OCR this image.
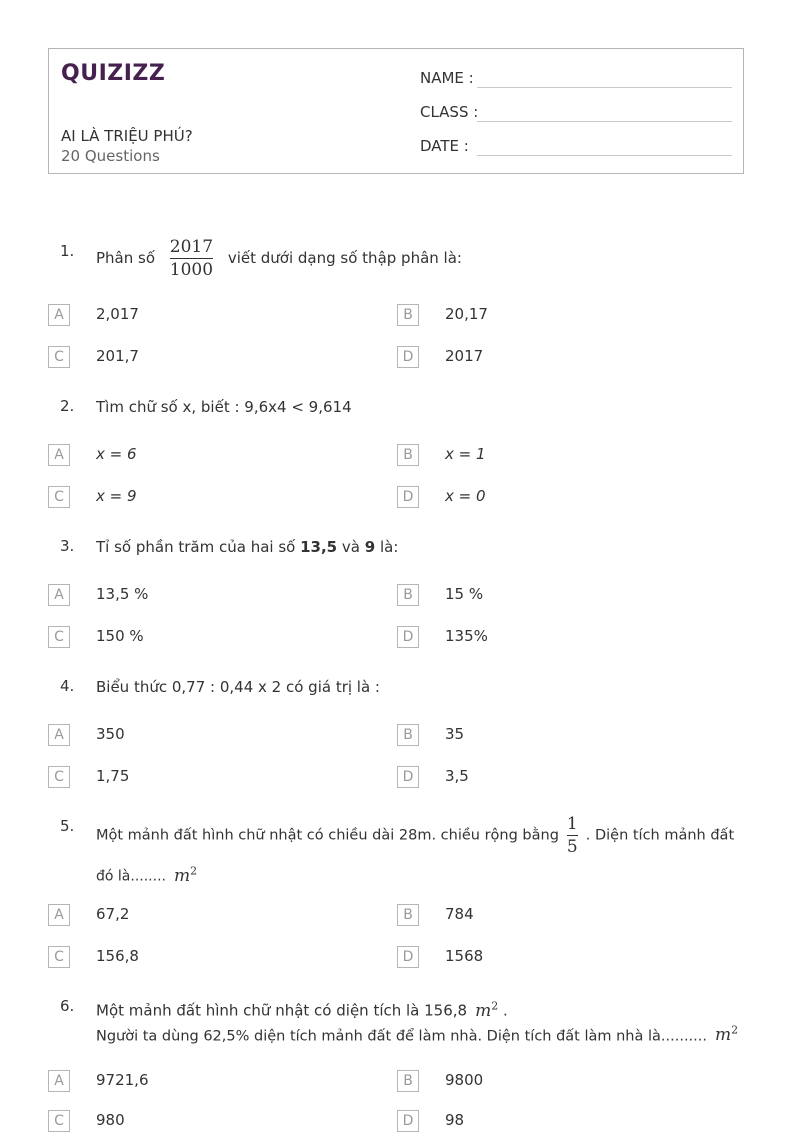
QUIZIZZ
AI LÀ TRIỆU PHÚ?
20 Questions
NAME :
CLASS :
DATE :
1. Phân số $\frac{2017}{1000}$ viết dưới dạng số thập phân là:
A	2,017	B	20,17
C	201,7	D	2017
2. Tìm chữ số x, biết : 9,6x4 < 9,614
A	x = 6	B	x = 1
C	x = 9	D	x = 0
3. Tỉ số phần trăm của hai số 13,5 và 9 là:
A	13,5 %	B	15 %
C	150 %	D	135%
4. Biểu thức 0,77 : 0,44 x 2 có giá trị là :
A	350	B	35
C	1,75	D	3,5
5.
Một mảnh đất hình chữ nhật có chiều dài 28m. chiều rộng bằng $\frac{1}{5}$ . Diện tích mảnh đất
đó là........ $m^2$
A	67,2	B	784
C	156,8	D	1568
6. Một mảnh đất hình chữ nhật có diện tích là 156,8 $m^2$ .
Người ta dùng 62,5% diện tích mảnh đất để làm nhà. Diện tích đất làm nhà là.......... $m^2$
A	9721,6	B	9800
C	980	D	98
